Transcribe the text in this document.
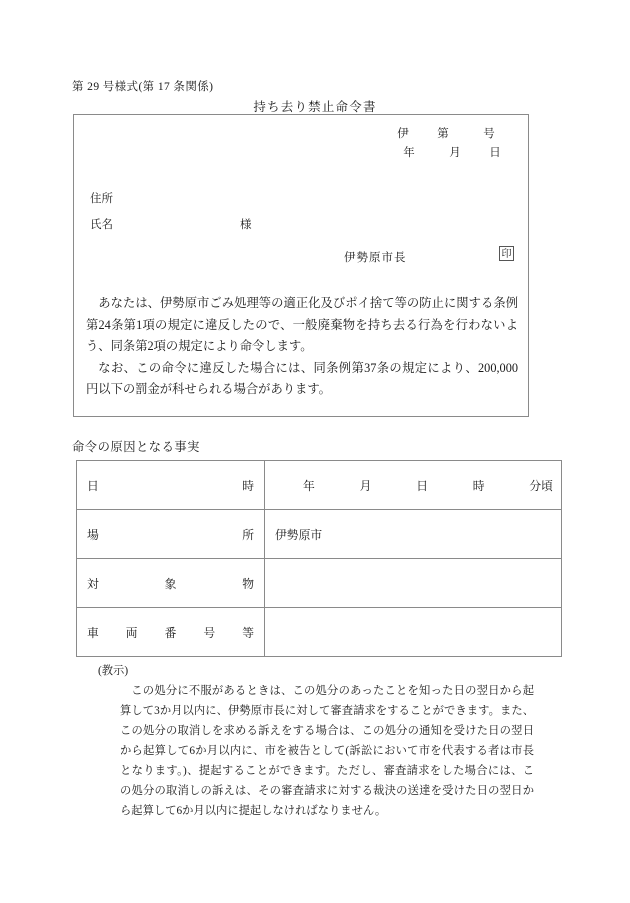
第 29 号様式(第 17 条関係)
持ち去り禁止命令書
伊 第	号
年	月 日
住所
氏名	様
伊勢原市長	印

あなたは、伊勢原市ごみ処理等の適正化及びポイ捨て等の防止に関する条例第24条第1項の規定に違反したので、一般廃棄物を持ち去る行為を行わないよう、同条第2項の規定により命令します。

なお、この命令に違反した場合には、同条例第37条の規定により、200,000円以下の罰金が科せられる場合があります。

命令の原因となる事実
日 時	年 月 日 時 分頃

場 所	伊勢原市

対 象 物	

車 両 番 号 等	

(教示)

この処分に不服があるときは、この処分のあったことを知った日の翌日から起算して3か月以内に、伊勢原市長に対して審査請求をすることができます。また、この処分の取消しを求める訴えをする場合は、この処分の通知を受けた日の翌日から起算して6か月以内に、市を被告として(訴訟において市を代表する者は市長となります。)、提起することができます。ただし、審査請求をした場合には、この処分の取消しの訴えは、その審査請求に対する裁決の送達を受けた日の翌日から起算して6か月以内に提起しなければなりません。
